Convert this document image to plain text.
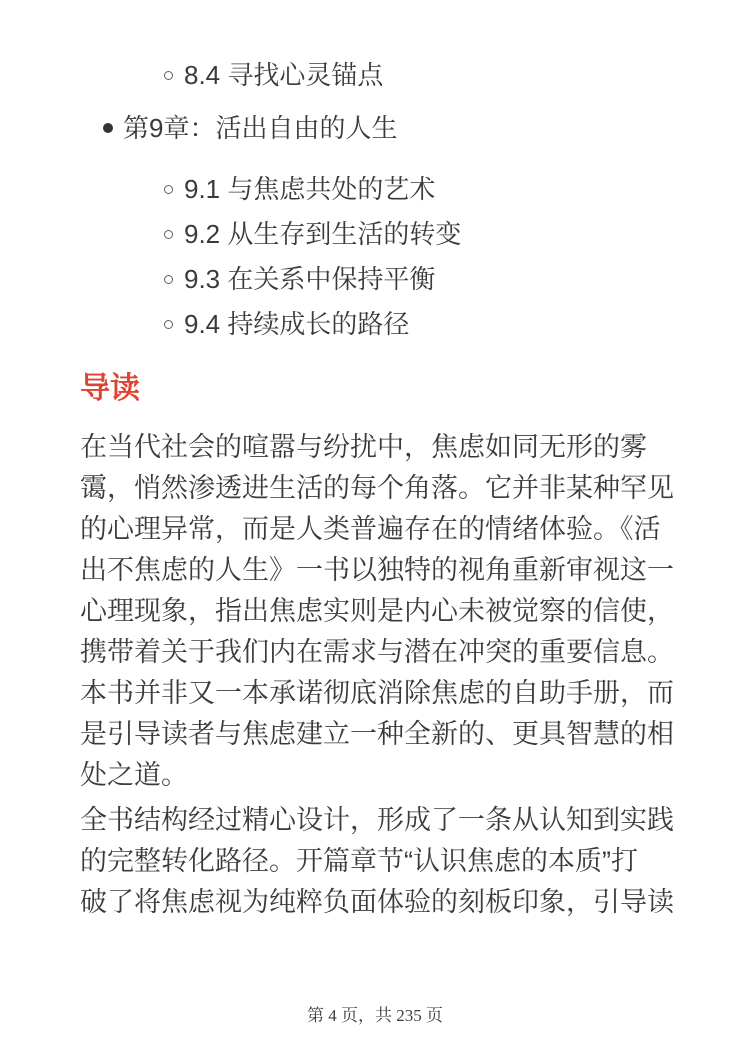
8.4 寻找心灵锚点
第9章：活出自由的人生
9.1 与焦虑共处的艺术
9.2 从生存到生活的转变
9.3 在关系中保持平衡
9.4 持续成长的路径
导读
在当代社会的喧嚣与纷扰中，焦虑如同无形的雾
霭，悄然渗透进生活的每个角落。它并非某种罕见
的心理异常，而是人类普遍存在的情绪体验。《活
出不焦虑的人生》一书以独特的视角重新审视这一
心理现象，指出焦虑实则是内心未被觉察的信使，
携带着关于我们内在需求与潜在冲突的重要信息。
本书并非又一本承诺彻底消除焦虑的自助手册，而
是引导读者与焦虑建立一种全新的、更具智慧的相
处之道。
全书结构经过精心设计，形成了一条从认知到实践
的完整转化路径。开篇章节“认识焦虑的本质”打
破了将焦虑视为纯粹负面体验的刻板印象，引导读
第 4 页，共 235 页
